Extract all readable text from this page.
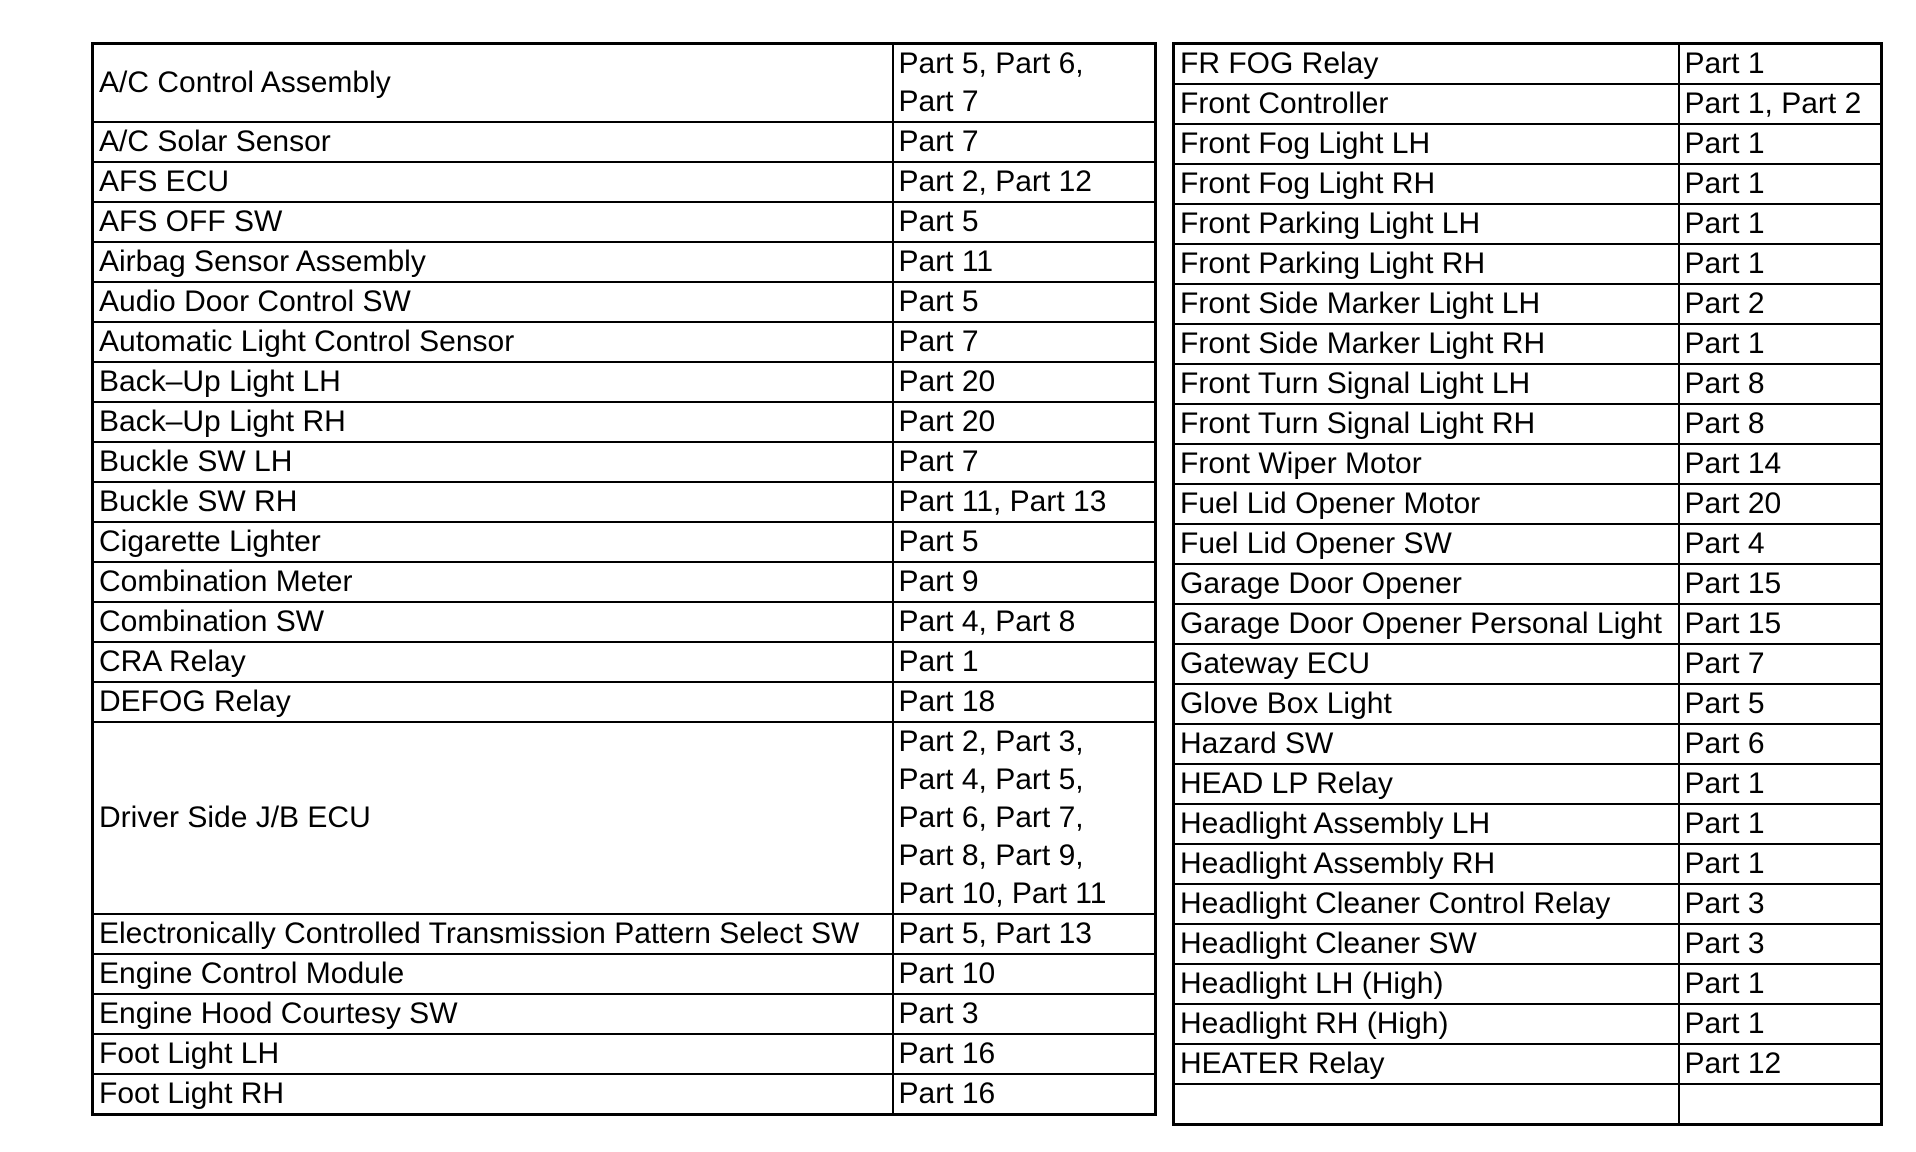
A/C Control Assembly	Part 5, Part 6,
Part 7

A/C Solar Sensor	Part 7

AFS ECU	Part 2, Part 12

AFS OFF SW	Part 5

Airbag Sensor Assembly	Part 11

Audio Door Control SW	Part 5

Automatic Light Control Sensor	Part 7

Back–Up Light LH	Part 20

Back–Up Light RH	Part 20

Buckle SW LH	Part 7

Buckle SW RH	Part 11, Part 13

Cigarette Lighter	Part 5

Combination Meter	Part 9

Combination SW	Part 4, Part 8

CRA Relay	Part 1

DEFOG Relay	Part 18

Driver Side J/B ECU	Part 2, Part 3,
Part 4, Part 5,
Part 6, Part 7,
Part 8, Part 9,
Part 10, Part 11

Electronically Controlled Transmission Pattern Select SW	Part 5, Part 13

Engine Control Module	Part 10

Engine Hood Courtesy SW	Part 3

Foot Light LH	Part 16

Foot Light RH	Part 16
FR FOG Relay	Part 1

Front Controller	Part 1, Part 2

Front Fog Light LH	Part 1

Front Fog Light RH	Part 1

Front Parking Light LH	Part 1

Front Parking Light RH	Part 1

Front Side Marker Light LH	Part 2

Front Side Marker Light RH	Part 1

Front Turn Signal Light LH	Part 8

Front Turn Signal Light RH	Part 8

Front Wiper Motor	Part 14

Fuel Lid Opener Motor	Part 20

Fuel Lid Opener SW	Part 4

Garage Door Opener	Part 15

Garage Door Opener Personal Light	Part 15

Gateway ECU	Part 7

Glove Box Light	Part 5

Hazard SW	Part 6

HEAD LP Relay	Part 1

Headlight Assembly LH	Part 1

Headlight Assembly RH	Part 1

Headlight Cleaner Control Relay	Part 3

Headlight Cleaner SW	Part 3

Headlight LH (High)	Part 1

Headlight RH (High)	Part 1

HEATER Relay	Part 12
